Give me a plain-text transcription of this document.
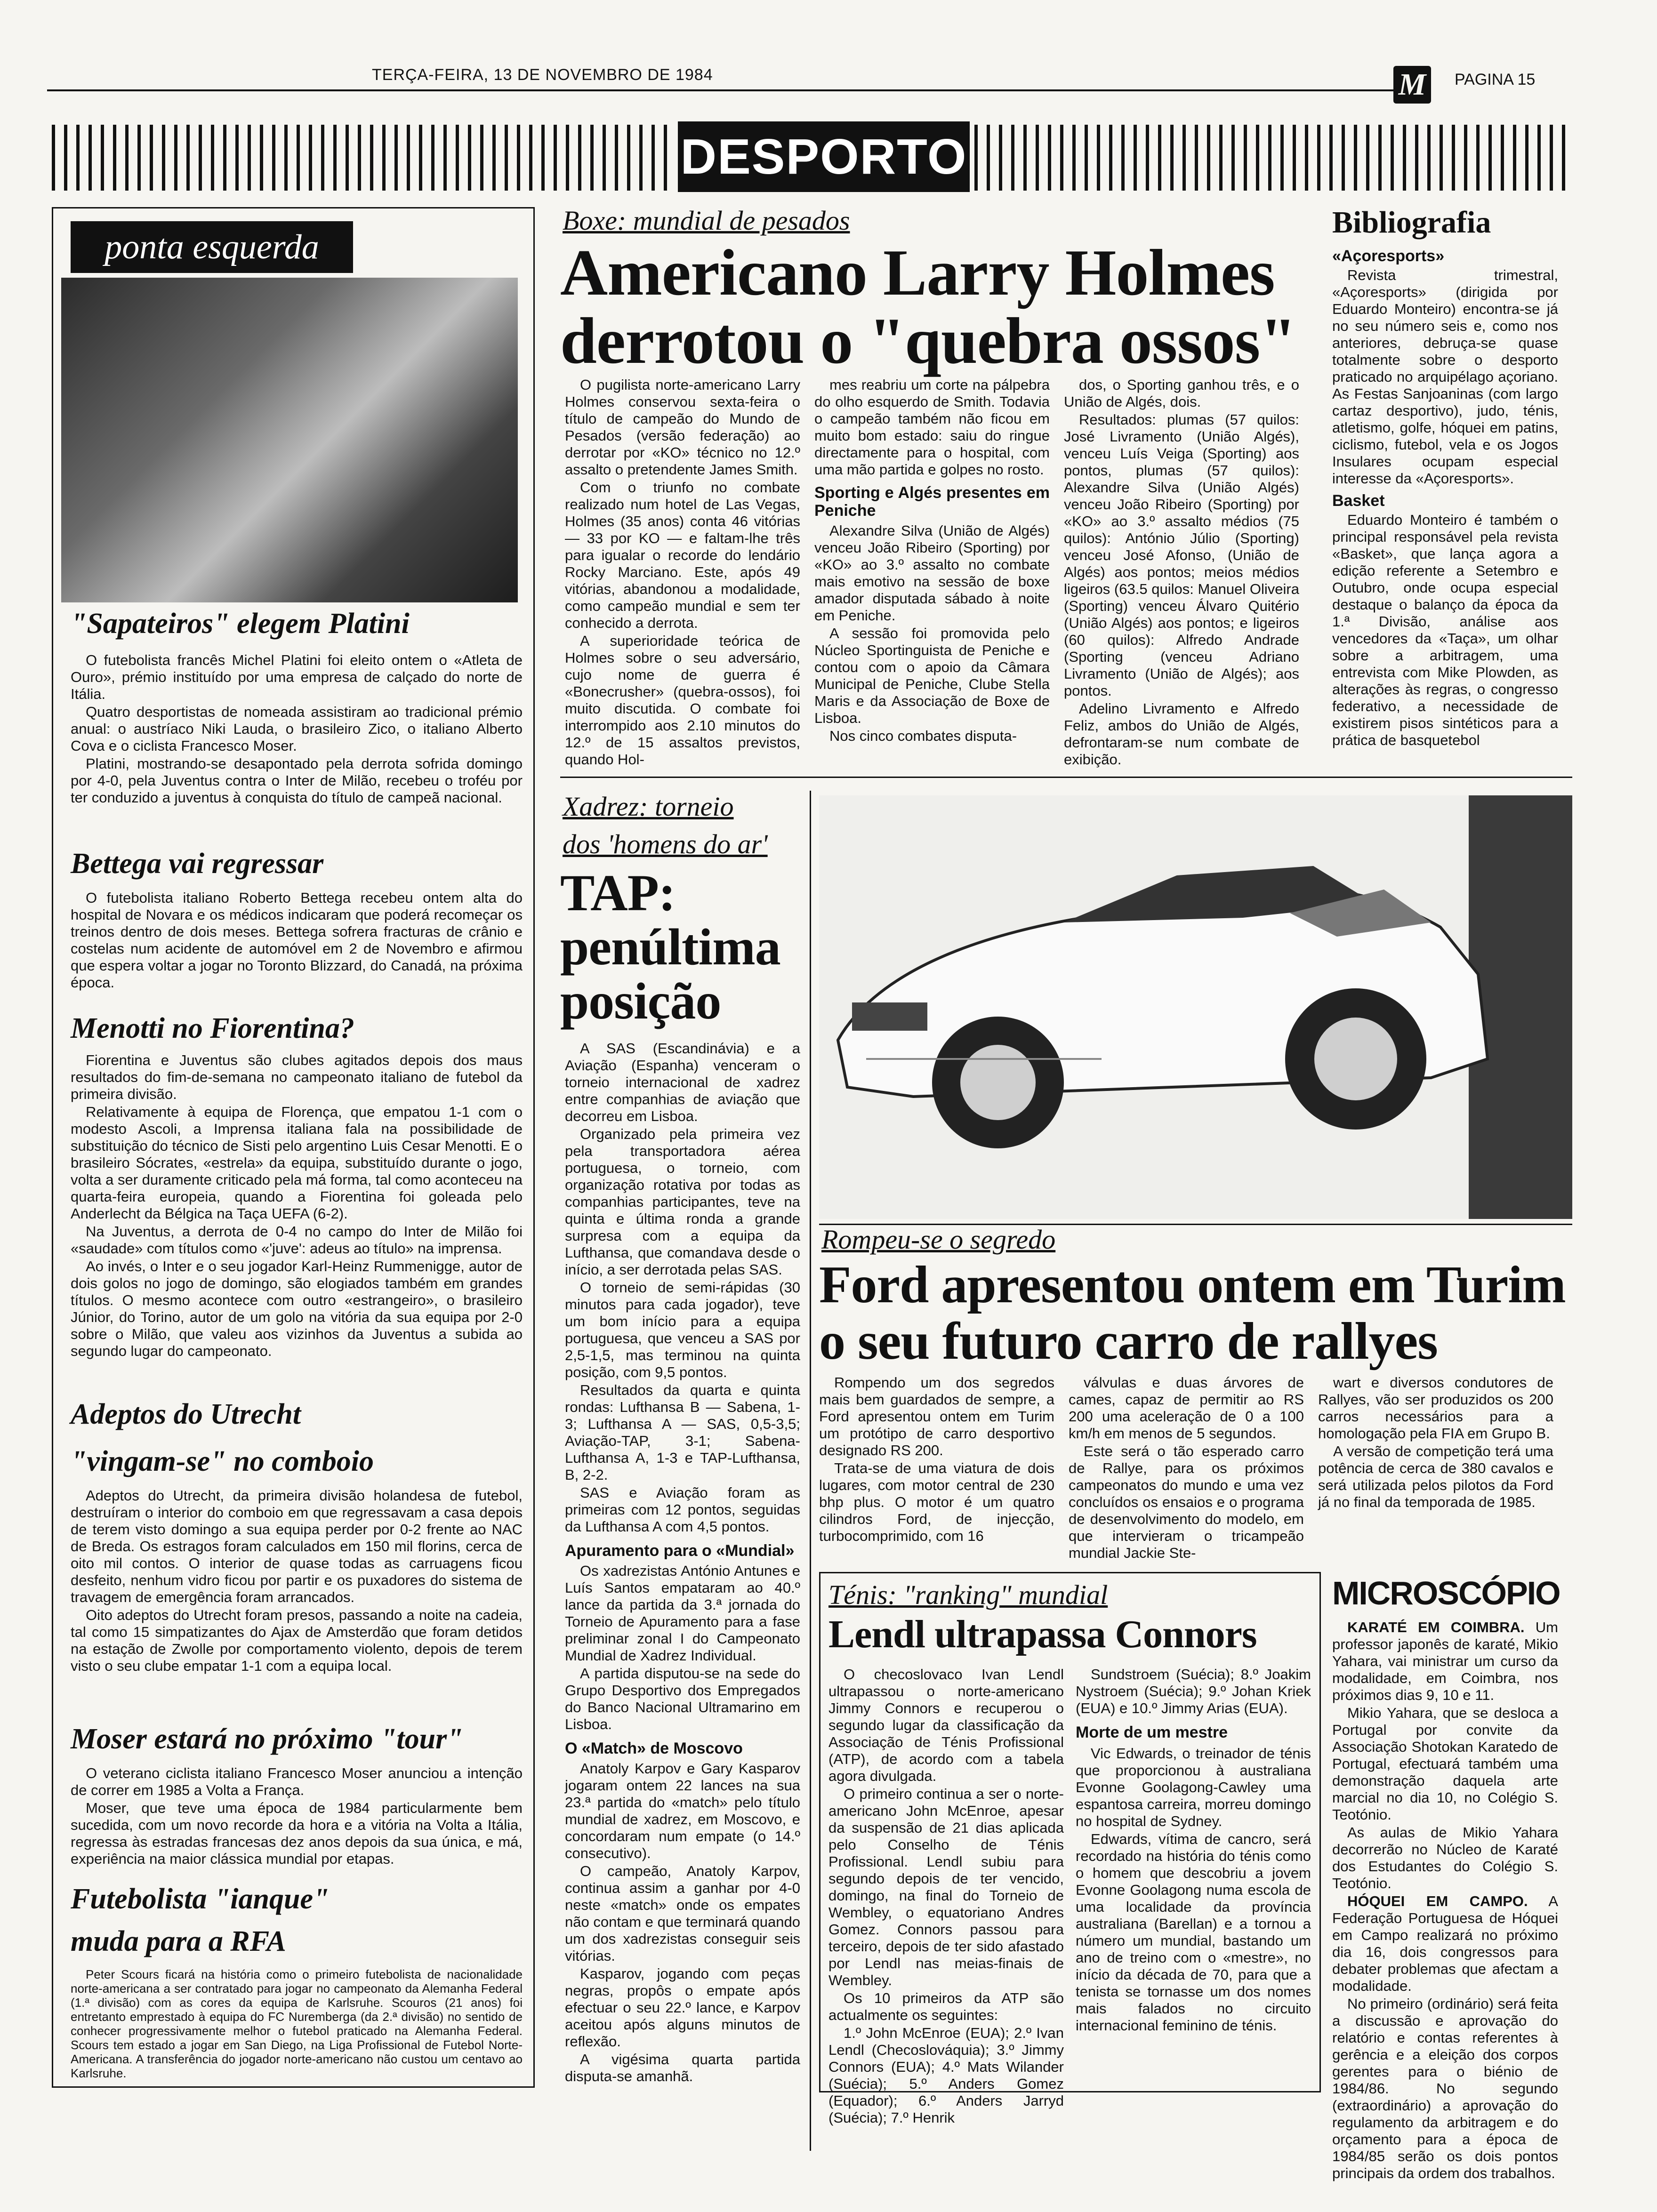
TERÇA-FEIRA, 13 DE NOVEMBRO DE 1984	M	PAGINA 15
DESPORTO
ponta esquerda
"Sapateiros" elegem Platini

O futebolista francês Michel Platini foi eleito ontem o «Atleta de Ouro», prémio instituído por uma empresa de calçado do norte de Itália.

Quatro desportistas de nomeada assistiram ao tradicional prémio anual: o austríaco Niki Lauda, o brasileiro Zico, o italiano Alberto Cova e o ciclista Francesco Moser.

Platini, mostrando-se desapontado pela derrota sofrida domingo por 4-0, pela Juventus contra o Inter de Milão, recebeu o troféu por ter conduzido a juventus à conquista do título de campeã nacional.

Bettega vai regressar

O futebolista italiano Roberto Bettega recebeu ontem alta do hospital de Novara e os médicos indicaram que poderá recomeçar os treinos dentro de dois meses. Bettega sofrera fracturas de crânio e costelas num acidente de automóvel em 2 de Novembro e afirmou que espera voltar a jogar no Toronto Blizzard, do Canadá, na próxima época.

Menotti no Fiorentina?

Fiorentina e Juventus são clubes agitados depois dos maus resultados do fim-de-semana no campeonato italiano de futebol da primeira divisão.

Relativamente à equipa de Florença, que empatou 1-1 com o modesto Ascoli, a Imprensa italiana fala na possibilidade de substituição do técnico de Sisti pelo argentino Luis Cesar Menotti. E o brasileiro Sócrates, «estrela» da equipa, substituído durante o jogo, volta a ser duramente criticado pela má forma, tal como aconteceu na quarta-feira europeia, quando a Fiorentina foi goleada pelo Anderlecht da Bélgica na Taça UEFA (6-2).

Na Juventus, a derrota de 0-4 no campo do Inter de Milão foi «saudade» com títulos como «'juve': adeus ao título» na imprensa.

Ao invés, o Inter e o seu jogador Karl-Heinz Rummenigge, autor de dois golos no jogo de domingo, são elogiados também em grandes títulos. O mesmo acontece com outro «estrangeiro», o brasileiro Júnior, do Torino, autor de um golo na vitória da sua equipa por 2-0 sobre o Milão, que valeu aos vizinhos da Juventus a subida ao segundo lugar do campeonato.

Adeptos do Utrecht
"vingam-se" no comboio

Adeptos do Utrecht, da primeira divisão holandesa de futebol, destruíram o interior do comboio em que regressavam a casa depois de terem visto domingo a sua equipa perder por 0-2 frente ao NAC de Breda. Os estragos foram calculados em 150 mil florins, cerca de oito mil contos. O interior de quase todas as carruagens ficou desfeito, nenhum vidro ficou por partir e os puxadores do sistema de travagem de emergência foram arrancados.

Oito adeptos do Utrecht foram presos, passando a noite na cadeia, tal como 15 simpatizantes do Ajax de Amsterdão que foram detidos na estação de Zwolle por comportamento violento, depois de terem visto o seu clube empatar 1-1 com a equipa local.

Moser estará no próximo "tour"

O veterano ciclista italiano Francesco Moser anunciou a intenção de correr em 1985 a Volta a França.

Moser, que teve uma época de 1984 particularmente bem sucedida, com um novo recorde da hora e a vitória na Volta a Itália, regressa às estradas francesas dez anos depois da sua única, e má, experiência na maior clássica mundial por etapas.

Futebolista "ianque"
muda para a RFA

Peter Scours ficará na história como o primeiro futebolista de nacionalidade norte-americana a ser contratado para jogar no campeonato da Alemanha Federal (1.ª divisão) com as cores da equipa de Karlsruhe. Scouros (21 anos) foi entretanto emprestado à equipa do FC Nuremberga (da 2.ª divisão) no sentido de conhecer progressivamente melhor o futebol praticado na Alemanha Federal. Scours tem estado a jogar em San Diego, na Liga Profissional de Futebol Norte-Americana. A transferência do jogador norte-americano não custou um centavo ao Karlsruhe.

Boxe: mundial de pesados
Americano Larry Holmes
derrotou o "quebra ossos"

O pugilista norte-americano Larry Holmes conservou sexta-feira o título de campeão do Mundo de Pesados (versão federação) ao derrotar por «KO» técnico no 12.º assalto o pretendente James Smith.

Com o triunfo no combate realizado num hotel de Las Vegas, Holmes (35 anos) conta 46 vitórias — 33 por KO — e faltam-lhe três para igualar o recorde do lendário Rocky Marciano. Este, após 49 vitórias, abandonou a modalidade, como campeão mundial e sem ter conhecido a derrota.

A superioridade teórica de Holmes sobre o seu adversário, cujo nome de guerra é «Bonecrusher» (quebra-ossos), foi muito discutida. O combate foi interrompido aos 2.10 minutos do 12.º de 15 assaltos previstos, quando Hol-

mes reabriu um corte na pálpebra do olho esquerdo de Smith. Todavia o campeão também não ficou em muito bom estado: saiu do ringue directamente para o hospital, com uma mão partida e golpes no rosto.

Sporting e Algés presentes em Peniche

Alexandre Silva (União de Algés) venceu João Ribeiro (Sporting) por «KO» ao 3.º assalto no combate mais emotivo na sessão de boxe amador disputada sábado à noite em Peniche.

A sessão foi promovida pelo Núcleo Sportinguista de Peniche e contou com o apoio da Câmara Municipal de Peniche, Clube Stella Maris e da Associação de Boxe de Lisboa.

Nos cinco combates disputa-

dos, o Sporting ganhou três, e o União de Algés, dois.

Resultados: plumas (57 quilos: José Livramento (União Algés), venceu Luís Veiga (Sporting) aos pontos, plumas (57 quilos): Alexandre Silva (União Algés) venceu João Ribeiro (Sporting) por «KO» ao 3.º assalto médios (75 quilos): António Júlio (Sporting) venceu José Afonso, (União de Algés) aos pontos; meios médios ligeiros (63.5 quilos: Manuel Oliveira (Sporting) venceu Álvaro Quitério (União Algés) aos pontos; e ligeiros (60 quilos): Alfredo Andrade (Sporting (venceu Adriano Livramento (União de Algés); aos pontos.

Adelino Livramento e Alfredo Feliz, ambos do União de Algés, defrontaram-se num combate de exibição.

Bibliografia
«Açoresports»

Revista trimestral, «Açoresports» (dirigida por Eduardo Monteiro) encontra-se já no seu número seis e, como nos anteriores, debruça-se quase totalmente sobre o desporto praticado no arquipélago açoriano. As Festas Sanjoaninas (com largo cartaz desportivo), judo, ténis, atletismo, golfe, hóquei em patins, ciclismo, futebol, vela e os Jogos Insulares ocupam especial interesse da «Açoresports».

Basket

Eduardo Monteiro é também o principal responsável pela revista «Basket», que lança agora a edição referente a Setembro e Outubro, onde ocupa especial destaque o balanço da época da 1.ª Divisão, análise aos vencedores da «Taça», um olhar sobre a arbitragem, uma entrevista com Mike Plowden, as alterações às regras, o congresso federativo, a necessidade de existirem pisos sintéticos para a prática de basquetebol

Xadrez: torneio
dos 'homens do ar'
TAP:
penúltima
posição

A SAS (Escandinávia) e a Aviação (Espanha) venceram o torneio internacional de xadrez entre companhias de aviação que decorreu em Lisboa.

Organizado pela primeira vez pela transportadora aérea portuguesa, o torneio, com organização rotativa por todas as companhias participantes, teve na quinta e última ronda a grande surpresa com a equipa da Lufthansa, que comandava desde o início, a ser derrotada pelas SAS.

O torneio de semi-rápidas (30 minutos para cada jogador), teve um bom início para a equipa portuguesa, que venceu a SAS por 2,5-1,5, mas terminou na quinta posição, com 9,5 pontos.

Resultados da quarta e quinta rondas: Lufthansa B — Sabena, 1-3; Lufthansa A — SAS, 0,5-3,5; Aviação-TAP, 3-1; Sabena-Lufthansa A, 1-3 e TAP-Lufthansa, B, 2-2.

SAS e Aviação foram as primeiras com 12 pontos, seguidas da Lufthansa A com 4,5 pontos.

Apuramento para o «Mundial»

Os xadrezistas António Antunes e Luís Santos empataram ao 40.º lance da partida da 3.ª jornada do Torneio de Apuramento para a fase preliminar zonal I do Campeonato Mundial de Xadrez Individual.

A partida disputou-se na sede do Grupo Desportivo dos Empregados do Banco Nacional Ultramarino em Lisboa.

O «Match» de Moscovo

Anatoly Karpov e Gary Kasparov jogaram ontem 22 lances na sua 23.ª partida do «match» pelo título mundial de xadrez, em Moscovo, e concordaram num empate (o 14.º consecutivo).

O campeão, Anatoly Karpov, continua assim a ganhar por 4-0 neste «match» onde os empates não contam e que terminará quando um dos xadrezistas conseguir seis vitórias.

Kasparov, jogando com peças negras, propôs o empate após efectuar o seu 22.º lance, e Karpov aceitou após alguns minutos de reflexão.

A vigésima quarta partida disputa-se amanhã.

Rompeu-se o segredo
Ford apresentou ontem em Turim
o seu futuro carro de rallyes

Rompendo um dos segredos mais bem guardados de sempre, a Ford apresentou ontem em Turim um protótipo de carro desportivo designado RS 200.

Trata-se de uma viatura de dois lugares, com motor central de 230 bhp plus. O motor é um quatro cilindros Ford, de injecção, turbocomprimido, com 16

válvulas e duas árvores de cames, capaz de permitir ao RS 200 uma aceleração de 0 a 100 km/h em menos de 5 segundos.

Este será o tão esperado carro de Rallye, para os próximos campeonatos do mundo e uma vez concluídos os ensaios e o programa de desenvolvimento do modelo, em que intervieram o tricampeão mundial Jackie Ste-

wart e diversos condutores de Rallyes, vão ser produzidos os 200 carros necessários para a homologação pela FIA em Grupo B.

A versão de competição terá uma potência de cerca de 380 cavalos e será utilizada pelos pilotos da Ford já no final da temporada de 1985.

Ténis: "ranking" mundial
Lendl ultrapassa Connors

O checoslovaco Ivan Lendl ultrapassou o norte-americano Jimmy Connors e recuperou o segundo lugar da classificação da Associação de Ténis Profissional (ATP), de acordo com a tabela agora divulgada.

O primeiro continua a ser o norte-americano John McEnroe, apesar da suspensão de 21 dias aplicada pelo Conselho de Ténis Profissional. Lendl subiu para segundo depois de ter vencido, domingo, na final do Torneio de Wembley, o equatoriano Andres Gomez. Connors passou para terceiro, depois de ter sido afastado por Lendl nas meias-finais de Wembley.

Os 10 primeiros da ATP são actualmente os seguintes:

1.º John McEnroe (EUA); 2.º Ivan Lendl (Checoslováquia); 3.º Jimmy Connors (EUA); 4.º Mats Wilander (Suécia); 5.º Anders Gomez (Equador); 6.º Anders Jarryd (Suécia); 7.º Henrik

Sundstroem (Suécia); 8.º Joakim Nystroem (Suécia); 9.º Johan Kriek (EUA) e 10.º Jimmy Arias (EUA).

Morte de um mestre

Vic Edwards, o treinador de ténis que proporcionou à australiana Evonne Goolagong-Cawley uma espantosa carreira, morreu domingo no hospital de Sydney.

Edwards, vítima de cancro, será recordado na história do ténis como o homem que descobriu a jovem Evonne Goolagong numa escola de uma localidade da província australiana (Barellan) e a tornou a número um mundial, bastando um ano de treino com o «mestre», no início da década de 70, para que a tenista se tornasse um dos nomes mais falados no circuito internacional feminino de ténis.

MICROSCÓPIO

KARATÉ EM COIMBRA. Um professor japonês de karaté, Mikio Yahara, vai ministrar um curso da modalidade, em Coimbra, nos próximos dias 9, 10 e 11.

Mikio Yahara, que se desloca a Portugal por convite da Associação Shotokan Karatedo de Portugal, efectuará também uma demonstração daquela arte marcial no dia 10, no Colégio S. Teotónio.

As aulas de Mikio Yahara decorrerão no Núcleo de Karaté dos Estudantes do Colégio S. Teotónio.

HÓQUEI EM CAMPO. A Federação Portuguesa de Hóquei em Campo realizará no próximo dia 16, dois congressos para debater problemas que afectam a modalidade.

No primeiro (ordinário) será feita a discussão e aprovação do relatório e contas referentes à gerência e a eleição dos corpos gerentes para o biénio de 1984/86. No segundo (extraordinário) a aprovação do regulamento da arbitragem e do orçamento para a época de 1984/85 serão os dois pontos principais da ordem dos trabalhos.
